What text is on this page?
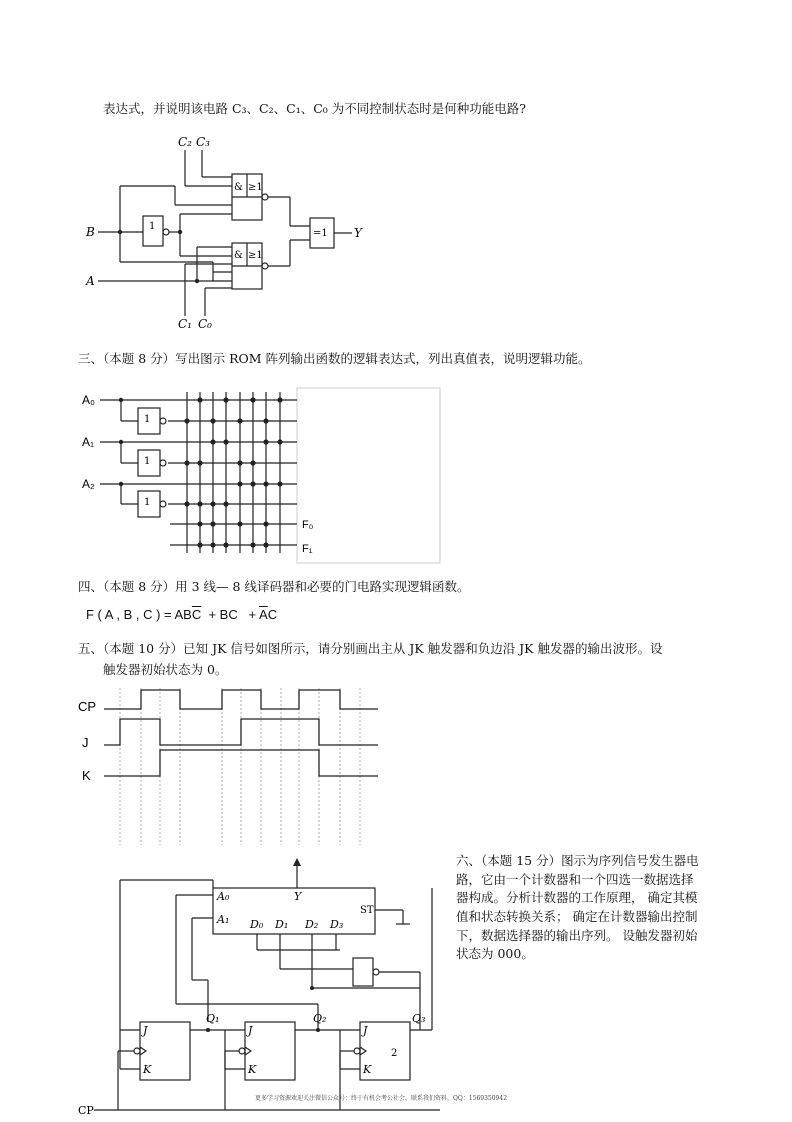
表达式，并说明该电路 C₃、C₂、C₁、C₀ 为不同控制状态时是何种功能电路?
C₂ C₃
& ≥1
& ≥1
B	1
A
C₁ C₀
=1 Y
三、（本题 8 分）写出图示 ROM 阵列输出函数的逻辑表达式，列出真值表，说明逻辑功能。
A₀
A₁
A₂
F₀
F₁
1
1
1
四、（本题 8 分）用 3 线— 8 线译码器和必要的门电路实现逻辑函数。
F ( A , B , C ) = $AB\overline{C}$  + BC   + $\overline{A}C$
五、（本题 10 分）已知 JK 信号如图所示，请分别画出主从 JK 触发器和负边沿 JK 触发器的输出波形。设
触发器初始状态为 0。
CP
J
K
六、（本题 15 分）图示为序列信号发生器电
路，它由一个计数器和一个四选一数据选择
器构成。分析计数器的工作原理， 确定其模
值和状态转换关系； 确定在计数器输出控制
下，数据选择器的输出序列。 设触发器初始
状态为 000。
A₀	Y
ST
A₁ D₀ D₁ D₂ D₃
J
K
Q₁
J
K
Q₂
J
K
2
Q₃
CP
更多学习资源欢迎关注微信公众号：终于有机会考公社会，联系我们资料，QQ：1569350942
